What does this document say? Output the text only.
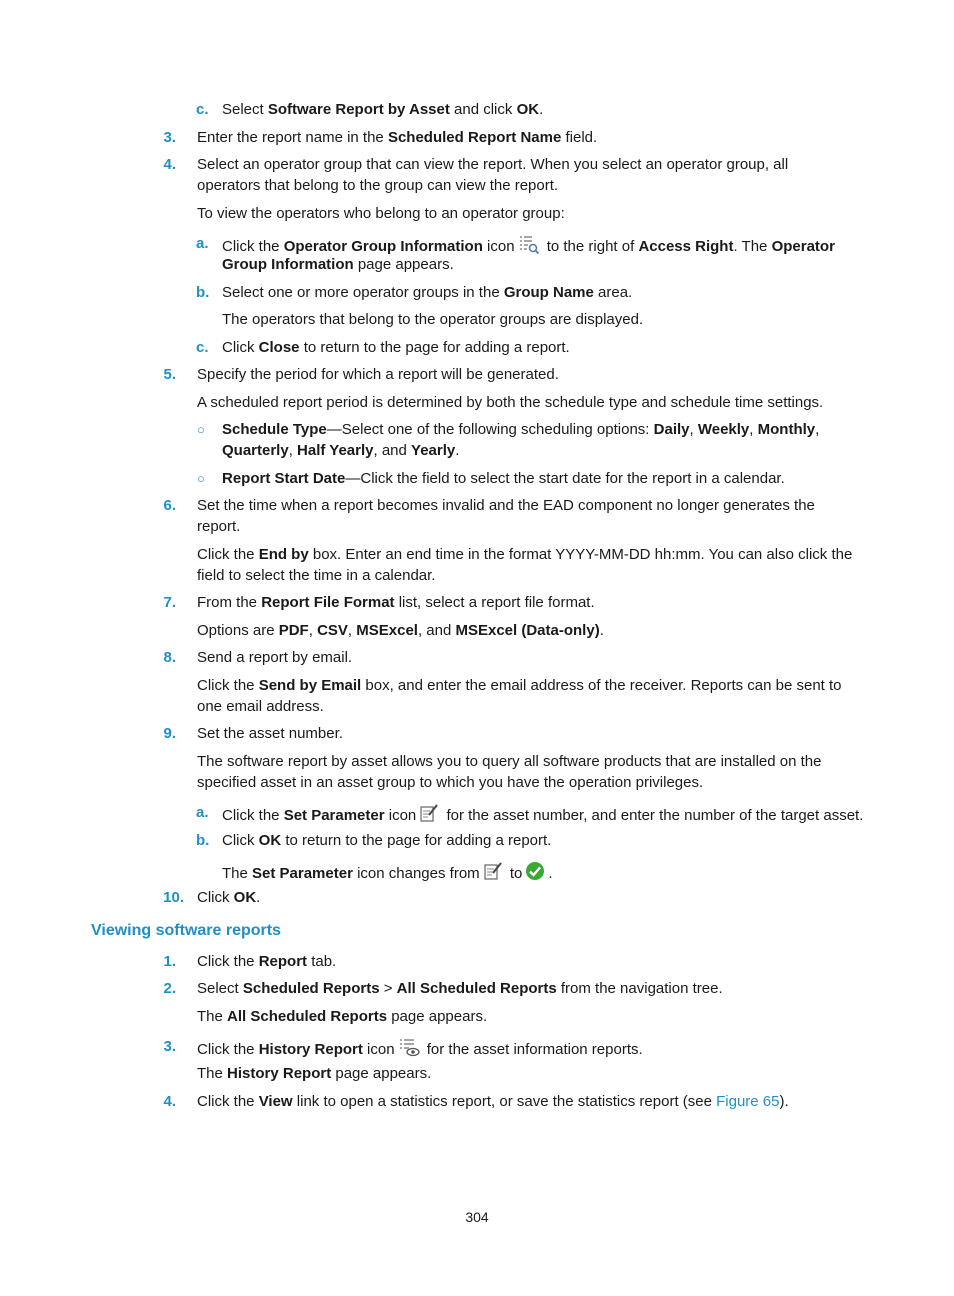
c. Select Software Report by Asset and click OK.
3. Enter the report name in the Scheduled Report Name field.
4. Select an operator group that can view the report. When you select an operator group, all
operators that belong to the group can view the report.
To view the operators who belong to an operator group:
a. Click the Operator Group Information icon to the right of Access Right. The Operator
Group Information page appears.
b. Select one or more operator groups in the Group Name area.
The operators that belong to the operator groups are displayed.
c. Click Close to return to the page for adding a report.
5. Specify the period for which a report will be generated.
A scheduled report period is determined by both the schedule type and schedule time settings.
○ Schedule Type—Select one of the following scheduling options: Daily, Weekly, Monthly,
Quarterly, Half Yearly, and Yearly.
○ Report Start Date—Click the field to select the start date for the report in a calendar.
6. Set the time when a report becomes invalid and the EAD component no longer generates the
report.
Click the End by box. Enter an end time in the format YYYY-MM-DD hh:mm. You can also click the
field to select the time in a calendar.
7. From the Report File Format list, select a report file format.
Options are PDF, CSV, MSExcel, and MSExcel (Data-only).
8. Send a report by email.
Click the Send by Email box, and enter the email address of the receiver. Reports can be sent to
one email address.
9. Set the asset number.
The software report by asset allows you to query all software products that are installed on the
specified asset in an asset group to which you have the operation privileges.
a. Click the Set Parameter icon for the asset number, and enter the number of the target asset.
b. Click OK to return to the page for adding a report.
The Set Parameter icon changes from to .
10. Click OK.
Viewing software reports
1. Click the Report tab.
2. Select Scheduled Reports > All Scheduled Reports from the navigation tree.
The All Scheduled Reports page appears.
3. Click the History Report icon for the asset information reports.
The History Report page appears.
4. Click the View link to open a statistics report, or save the statistics report (see Figure 65).
304
